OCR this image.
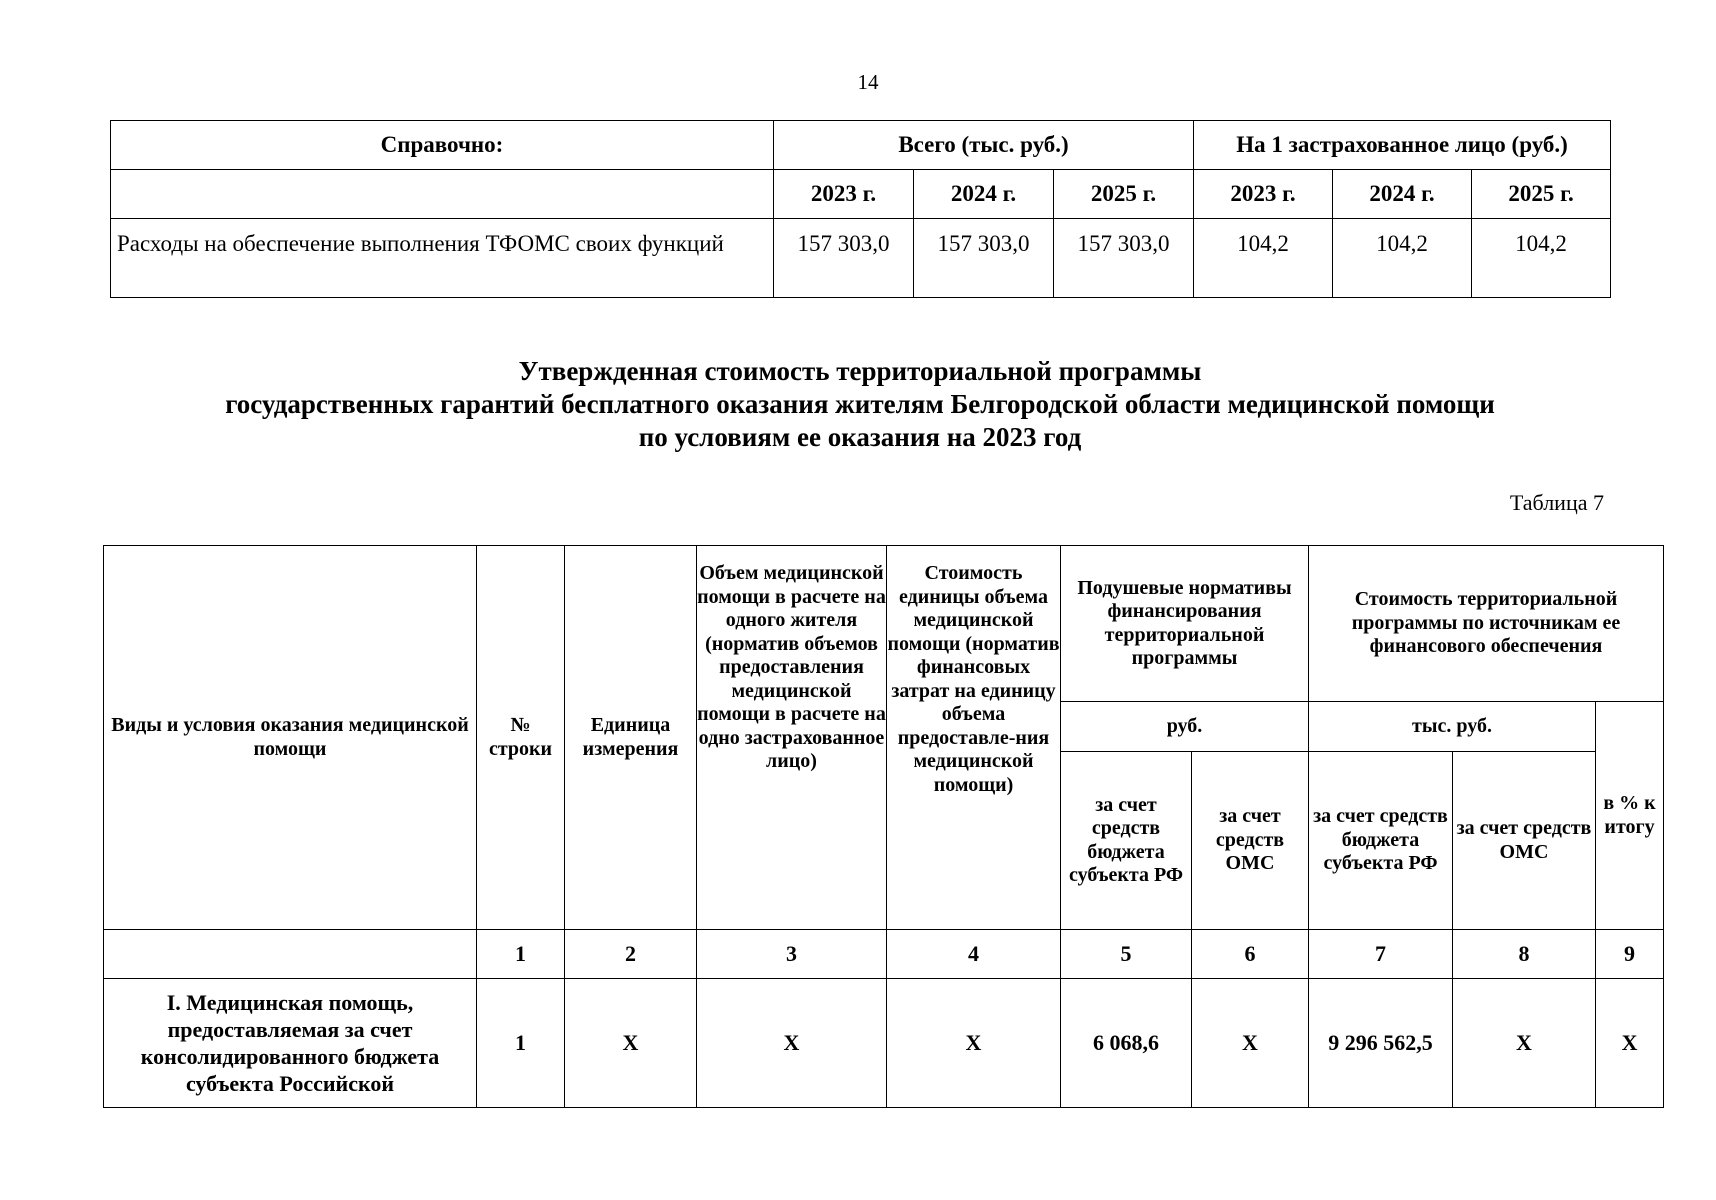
14
Справочно:	Всего (тыс. руб.)			На 1 застрахованное лицо (руб.)		
	2023 г.	2024 г.	2025 г.	2023 г.	2024 г.	2025 г.
Расходы на обеспечение выполнения ТФОМС своих функций	157 303,0	157 303,0	157 303,0	104,2	104,2	104,2
Утвержденная стоимость территориальной программы
государственных гарантий бесплатного оказания жителям Белгородской области медицинской помощи
по условиям ее оказания на 2023 год
Таблица 7
Виды и условия оказания медицинской помощи	№ строки	Единица измерения	Объем медицинской помощи в расчете на одного жителя (норматив объемов предоставления медицинской помощи в расчете на одно застрахованное лицо)	Стоимость единицы объема медицинской помощи (норматив финансовых затрат на единицу объема предоставле-ния медицинской помощи)	Подушевые нормативы финансирования территориальной программы		Стоимость территориальной программы по источникам ее финансового обеспечения		
					руб.		тыс. руб.		в % к итогу
					за счет средств бюджета субъекта РФ	за счет средств ОМС	за счет средств бюджета субъекта РФ	за счет средств ОМС	
	1	2	3	4	5	6	7	8	9
I. Медицинская помощь, предоставляемая за счет консолидированного бюджета субъекта Российской	1	X	X	X	6 068,6	X	9 296 562,5	X	X
